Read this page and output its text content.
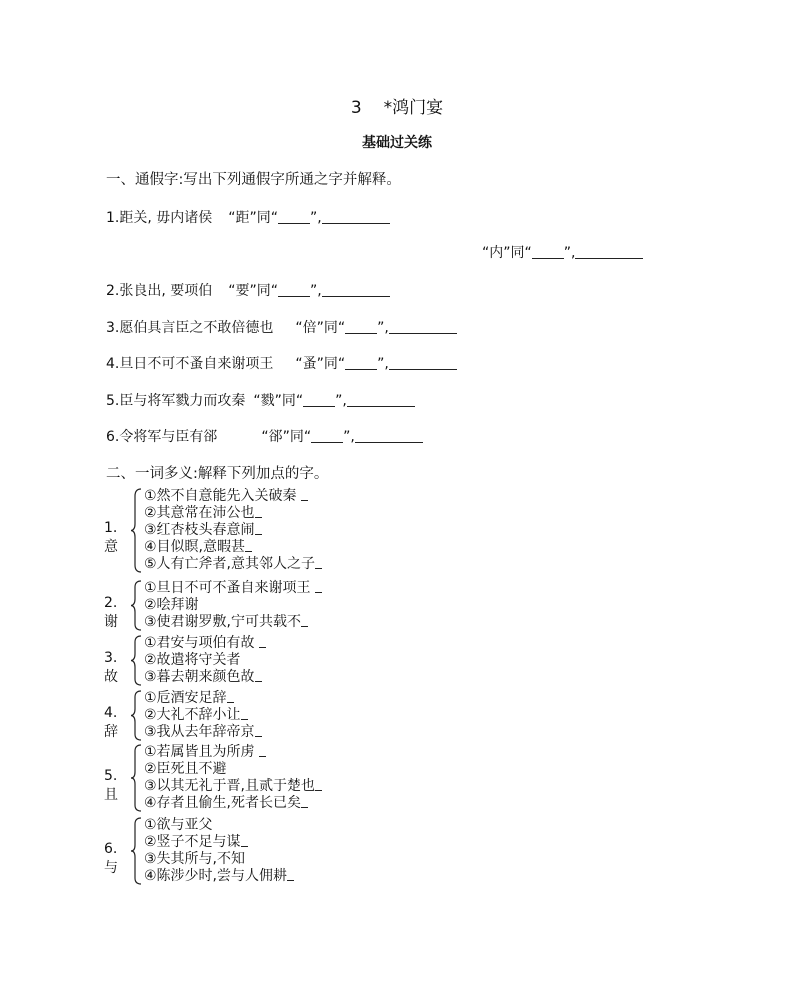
3 *鸿门宴
基础过关练
一、通假字:写出下列通假字所通之字并解释。
1.距关, 毋内诸侯 “距”同“ ”,
“内”同“ ”,
2.张良出, 要项伯 “要”同“ ”,
3.愿伯具言臣之不敢倍德也 “倍”同“ ”,
4.旦日不可不蚤自来谢项王 “蚤”同“ ”,
5.臣与将军戮力而攻秦 “戮”同“ ”,
6.令将军与臣有郤	“郤”同“ ”,
二、一词多义:解释下列加点的字。
1.意
①然不自意能先入关破秦
②其意常在沛公也
③红杏枝头春意闹
④目似瞑,意暇甚
⑤人有亡斧者,意其邻人之子
2.谢
①旦日不可不蚤自来谢项王
②哙拜谢
③使君谢罗敷,宁可共载不
3.故
①君安与项伯有故
②故遣将守关者
③暮去朝来颜色故
4.辞
①卮酒安足辞
②大礼不辞小让
③我从去年辞帝京
5.且
①若属皆且为所虏
②臣死且不避
③以其无礼于晋,且贰于楚也
④存者且偷生,死者长已矣
6.与
①欲与亚父
②竖子不足与谋
③失其所与,不知
④陈涉少时,尝与人佣耕
